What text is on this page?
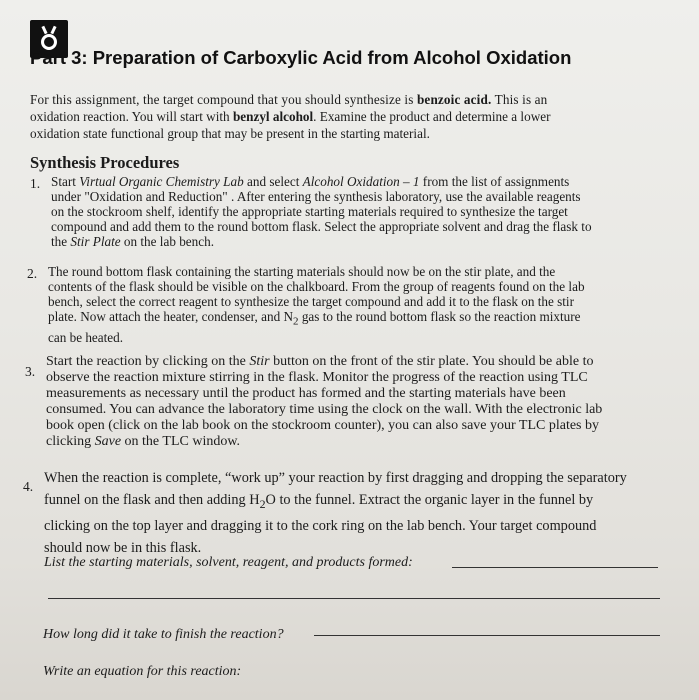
Part 3: Preparation of Carboxylic Acid from Alcohol Oxidation
For this assignment, the target compound that you should synthesize is benzoic acid. This is an
oxidation reaction. You will start with benzyl alcohol. Examine the product and determine a lower
oxidation state functional group that may be present in the starting material.
Synthesis Procedures
1. Start Virtual Organic Chemistry Lab and select Alcohol Oxidation – 1 from the list of assignments
under "Oxidation and Reduction" . After entering the synthesis laboratory, use the available reagents
on the stockroom shelf, identify the appropriate starting materials required to synthesize the target
compound and add them to the round bottom flask. Select the appropriate solvent and drag the flask to
the Stir Plate on the lab bench.
2. The round bottom flask containing the starting materials should now be on the stir plate, and the
contents of the flask should be visible on the chalkboard. From the group of reagents found on the lab
bench, select the correct reagent to synthesize the target compound and add it to the flask on the stir
plate. Now attach the heater, condenser, and $N_2$ gas to the round bottom flask so the reaction mixture
can be heated.
3.
Start the reaction by clicking on the Stir button on the front of the stir plate. You should be able to
observe the reaction mixture stirring in the flask. Monitor the progress of the reaction using TLC
measurements as necessary until the product has formed and the starting materials have been
consumed. You can advance the laboratory time using the clock on the wall. With the electronic lab
book open (click on the lab book on the stockroom counter), you can also save your TLC plates by
clicking Save on the TLC window.
4.
When the reaction is complete, “work up” your reaction by first dragging and dropping the separatory
funnel on the flask and then adding $H_2O$ to the funnel. Extract the organic layer in the funnel by
clicking on the top layer and dragging it to the cork ring on the lab bench. Your target compound
should now be in this flask.
List the starting materials, solvent, reagent, and products formed:
How long did it take to finish the reaction?
Write an equation for this reaction:
